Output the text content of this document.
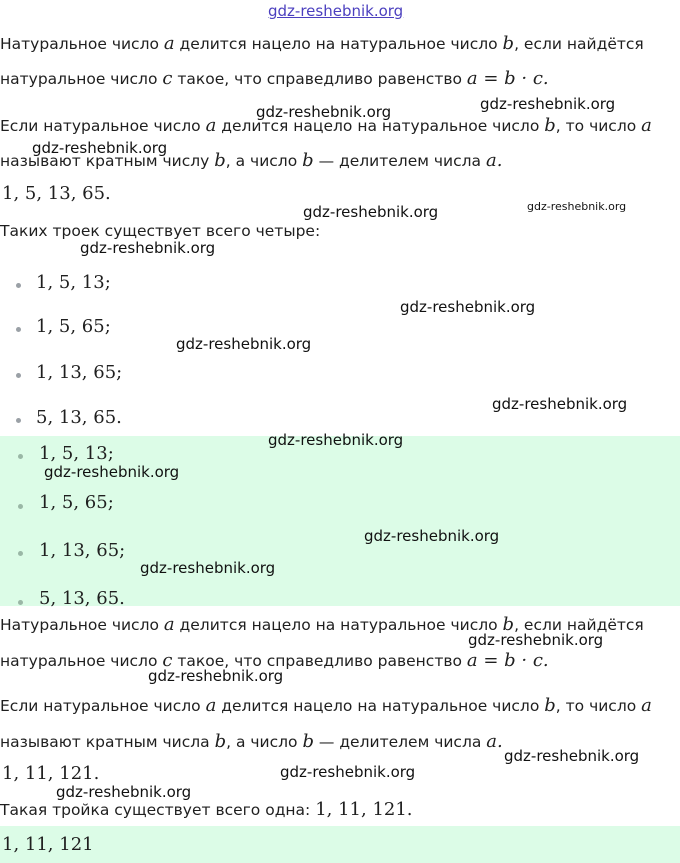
gdz-reshebnik.org
Натуральное число a делится нацело на натуральное число b, если найдётся
натуральное число c такое, что справедливо равенство a = b · c.
Если натуральное число a делится нацело на натуральное число b, то число a
называют кратным числу b, а число b — делителем числа a.
1, 5, 13, 65.
Таких троек существует всего четыре:
1, 5, 13;
1, 5, 65;
1, 13, 65;
5, 13, 65.
1, 5, 13;
1, 5, 65;
1, 13, 65;
5, 13, 65.
Натуральное число a делится нацело на натуральное число b, если найдётся
натуральное число c такое, что справедливо равенство a = b · c.
Если натуральное число a делится нацело на натуральное число b, то число a
называют кратным числа b, а число b — делителем числа a.
1, 11, 121.
Такая тройка существует всего одна: 1, 11, 121.
1, 11, 121
gdz-reshebnik.org	gdz-reshebnik.org
gdz-reshebnik.org
gdz-reshebnik.org	gdz-reshebnik.org
gdz-reshebnik.org
gdz-reshebnik.org
gdz-reshebnik.org
gdz-reshebnik.org
gdz-reshebnik.org
gdz-reshebnik.org
gdz-reshebnik.org
gdz-reshebnik.org
gdz-reshebnik.org
gdz-reshebnik.org
gdz-reshebnik.org
gdz-reshebnik.org
gdz-reshebnik.org
